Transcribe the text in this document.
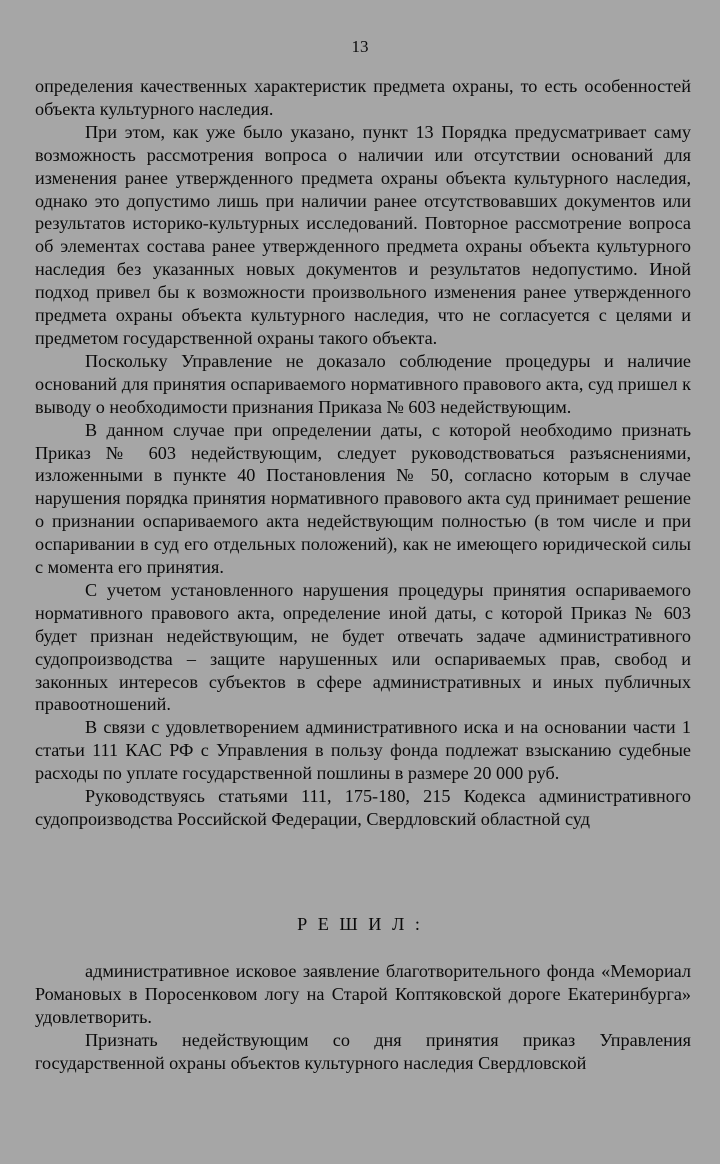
13

определения качественных характеристик предмета охраны, то есть особенностей объекта культурного наследия.

При этом, как уже было указано, пункт 13 Порядка предусматривает саму возможность рассмотрения вопроса о наличии или отсутствии оснований для изменения ранее утвержденного предмета охраны объекта культурного наследия, однако это допустимо лишь при наличии ранее отсутствовавших документов или результатов историко-культурных исследований. Повторное рассмотрение вопроса об элементах состава ранее утвержденного предмета охраны объекта культурного наследия без указанных новых документов и результатов недопустимо. Иной подход привел бы к возможности произвольного изменения ранее утвержденного предмета охраны объекта культурного наследия, что не согласуется с целями и предметом государственной охраны такого объекта.

Поскольку Управление не доказало соблюдение процедуры и наличие оснований для принятия оспариваемого нормативного правового акта, суд пришел к выводу о необходимости признания Приказа № 603 недействующим.

В данном случае при определении даты, с которой необходимо признать Приказ № 603 недействующим, следует руководствоваться разъяснениями, изложенными в пункте 40 Постановления № 50, согласно которым в случае нарушения порядка принятия нормативного правового акта суд принимает решение о признании оспариваемого акта недействующим полностью (в том числе и при оспаривании в суд его отдельных положений), как не имеющего юридической силы с момента его принятия.

С учетом установленного нарушения процедуры принятия оспариваемого нормативного правового акта, определение иной даты, с которой Приказ № 603 будет признан недействующим, не будет отвечать задаче административного судопроизводства – защите нарушенных или оспариваемых прав, свобод и законных интересов субъектов в сфере административных и иных публичных правоотношений.

В связи с удовлетворением административного иска и на основании части 1 статьи 111 КАС РФ с Управления в пользу фонда подлежат взысканию судебные расходы по уплате государственной пошлины в размере 20 000 руб.

Руководствуясь статьями 111, 175-180, 215 Кодекса административного судопроизводства Российской Федерации, Свердловский областной суд

Р Е Ш И Л :

административное исковое заявление благотворительного фонда «Мемориал Романовых в Поросенковом логу на Старой Коптяковской дороге Екатеринбурга» удовлетворить.

Признать недействующим со дня принятия приказ Управления государственной охраны объектов культурного наследия Свердловской
